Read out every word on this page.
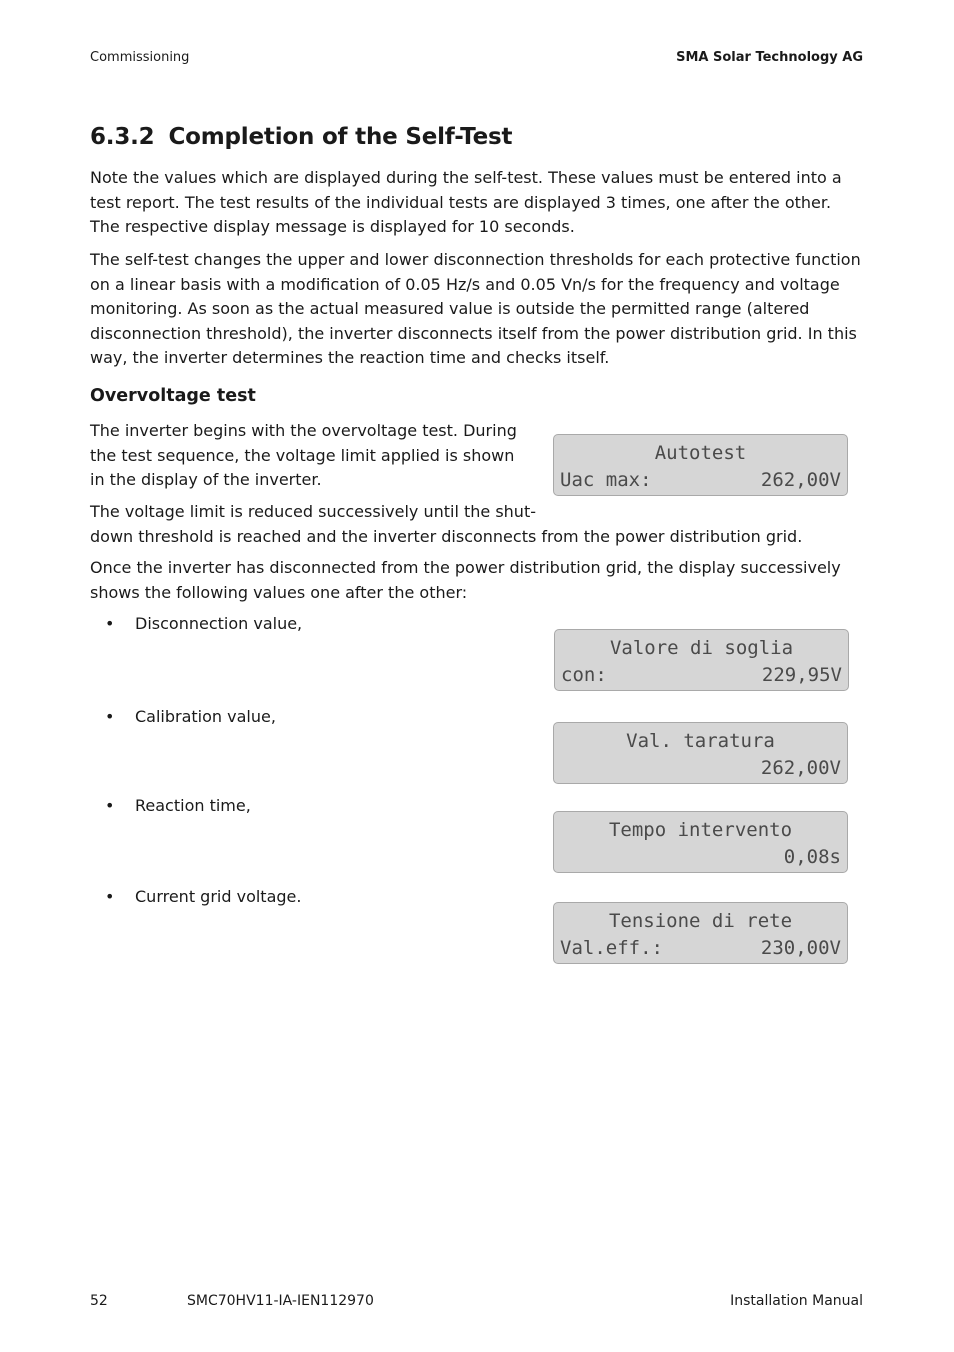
Commissioning	SMA Solar Technology AG
6.3.2 Completion of the Self-Test
Note the values which are displayed during the self-test. These values must be entered into a test report. The test results of the individual tests are displayed 3 times, one after the other. The respective display message is displayed for 10 seconds.
The self-test changes the upper and lower disconnection thresholds for each protective function on a linear basis with a modification of 0.05 Hz/s and 0.05 Vn/s for the frequency and voltage monitoring. As soon as the actual measured value is outside the permitted range (altered disconnection threshold), the inverter disconnects itself from the power distribution grid. In this way, the inverter determines the reaction time and checks itself.
Overvoltage test
The inverter begins with the overvoltage test. During the test sequence, the voltage limit applied is shown in the display of the inverter.
The voltage limit is reduced successively until the shut-
down threshold is reached and the inverter disconnects from the power distribution grid.
Once the inverter has disconnected from the power distribution grid, the display successively shows the following values one after the other:
• Disconnection value,
• Calibration value,
• Reaction time,
• Current grid voltage.
Autotest
Uac max:	262,00V
Valore di soglia
con:	229,95V
Val. taratura
262,00V
Tempo intervento
0,08s
Tensione di rete
Val.eff.:	230,00V
52	SMC70HV11-IA-IEN112970	Installation Manual
